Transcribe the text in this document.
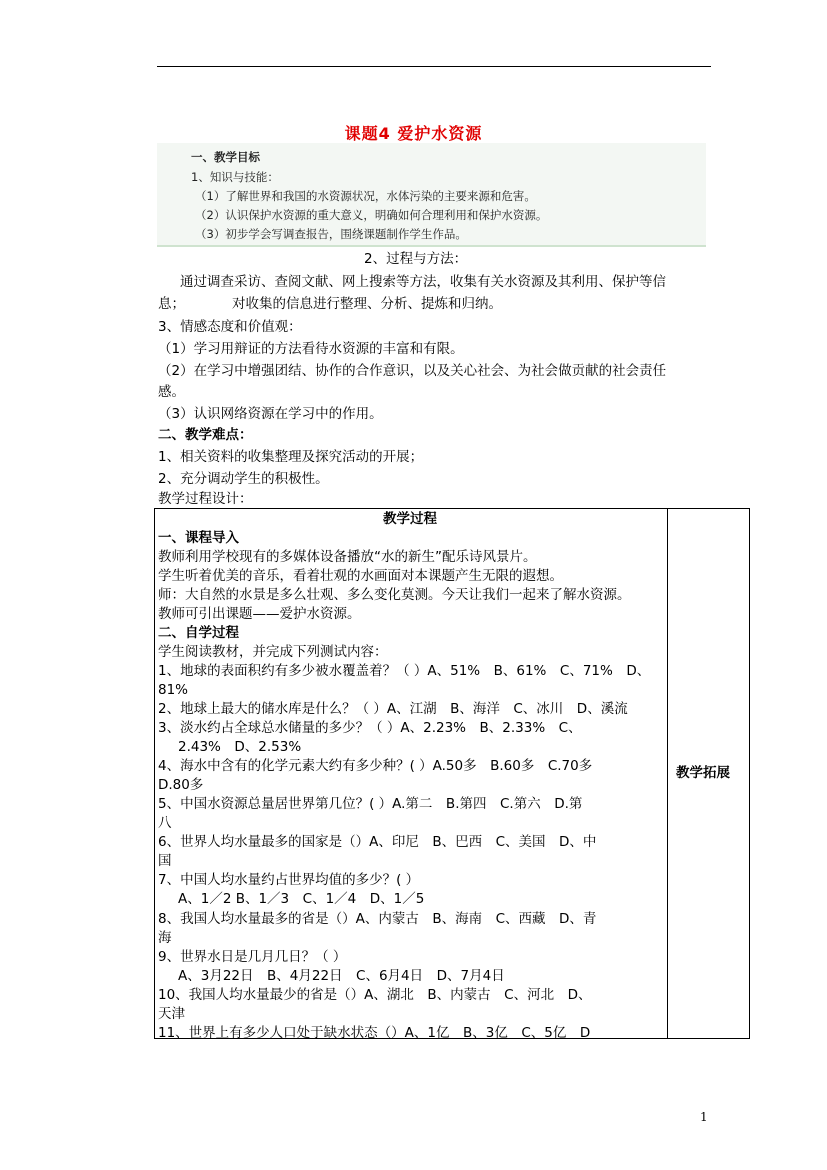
课题4 爱护水资源
一、教学目标
1、知识与技能：
（1）了解世界和我国的水资源状况，水体污染的主要来源和危害。
（2）认识保护水资源的重大意义，明确如何合理利用和保护水资源。
（3）初步学会写调查报告，围绕课题制作学生作品。
2、过程与方法：
通过调查采访、查阅文献、网上搜索等方法，收集有关水资源及其利用、保护等信
息；	对收集的信息进行整理、分析、提炼和归纳。
3、情感态度和价值观：
（1）学习用辩证的方法看待水资源的丰富和有限。
（2）在学习中增强团结、协作的合作意识，以及关心社会、为社会做贡献的社会责任
感。
（3）认识网络资源在学习中的作用。
二、教学难点：
1、相关资料的收集整理及探究活动的开展；
2、充分调动学生的积极性。
教学过程设计：
教学过程
一、课程导入
教师利用学校现有的多媒体设备播放“水的新生”配乐诗风景片。
学生听着优美的音乐，看着壮观的水画面对本课题产生无限的遐想。
师：大自然的水景是多么壮观、多么变化莫测。今天让我们一起来了解水资源。
教师可引出课题——爱护水资源。
二、自学过程
学生阅读教材，并完成下列测试内容：
1、地球的表面积约有多少被水覆盖着？（ ）A、51%　B、61%　C、71%　D、
81%
2、地球上最大的储水库是什么？（ ）A、江湖　B、海洋　C、冰川　D、溪流
3、淡水约占全球总水储量的多少？（ ）A、2.23%　B、2.33%　C、
2.43%　D、2.53%
4、海水中含有的化学元素大约有多少种？( ）A.50多　B.60多　C.70多
D.80多
5、中国水资源总量居世界第几位？( ）A.第二　B.第四　C.第六　D.第
八
6、世界人均水量最多的国家是（）A、印尼　B、巴西　C、美国　D、中
国
7、中国人均水量约占世界均值的多少？( ）
A、1／2 B、1／3　C、1／4　D、1／5
8、我国人均水量最多的省是（）A、内蒙古　B、海南　C、西藏　D、青
海
9、世界水日是几月几日？（ ）
A、3月22日　B、4月22日　C、6月4日　D、7月4日
10、我国人均水量最少的省是（）A、湖北　B、内蒙古　C、河北　D、
天津
11、世界上有多少人口处于缺水状态（）A、1亿　B、3亿　C、5亿　D

教学拓展
1
